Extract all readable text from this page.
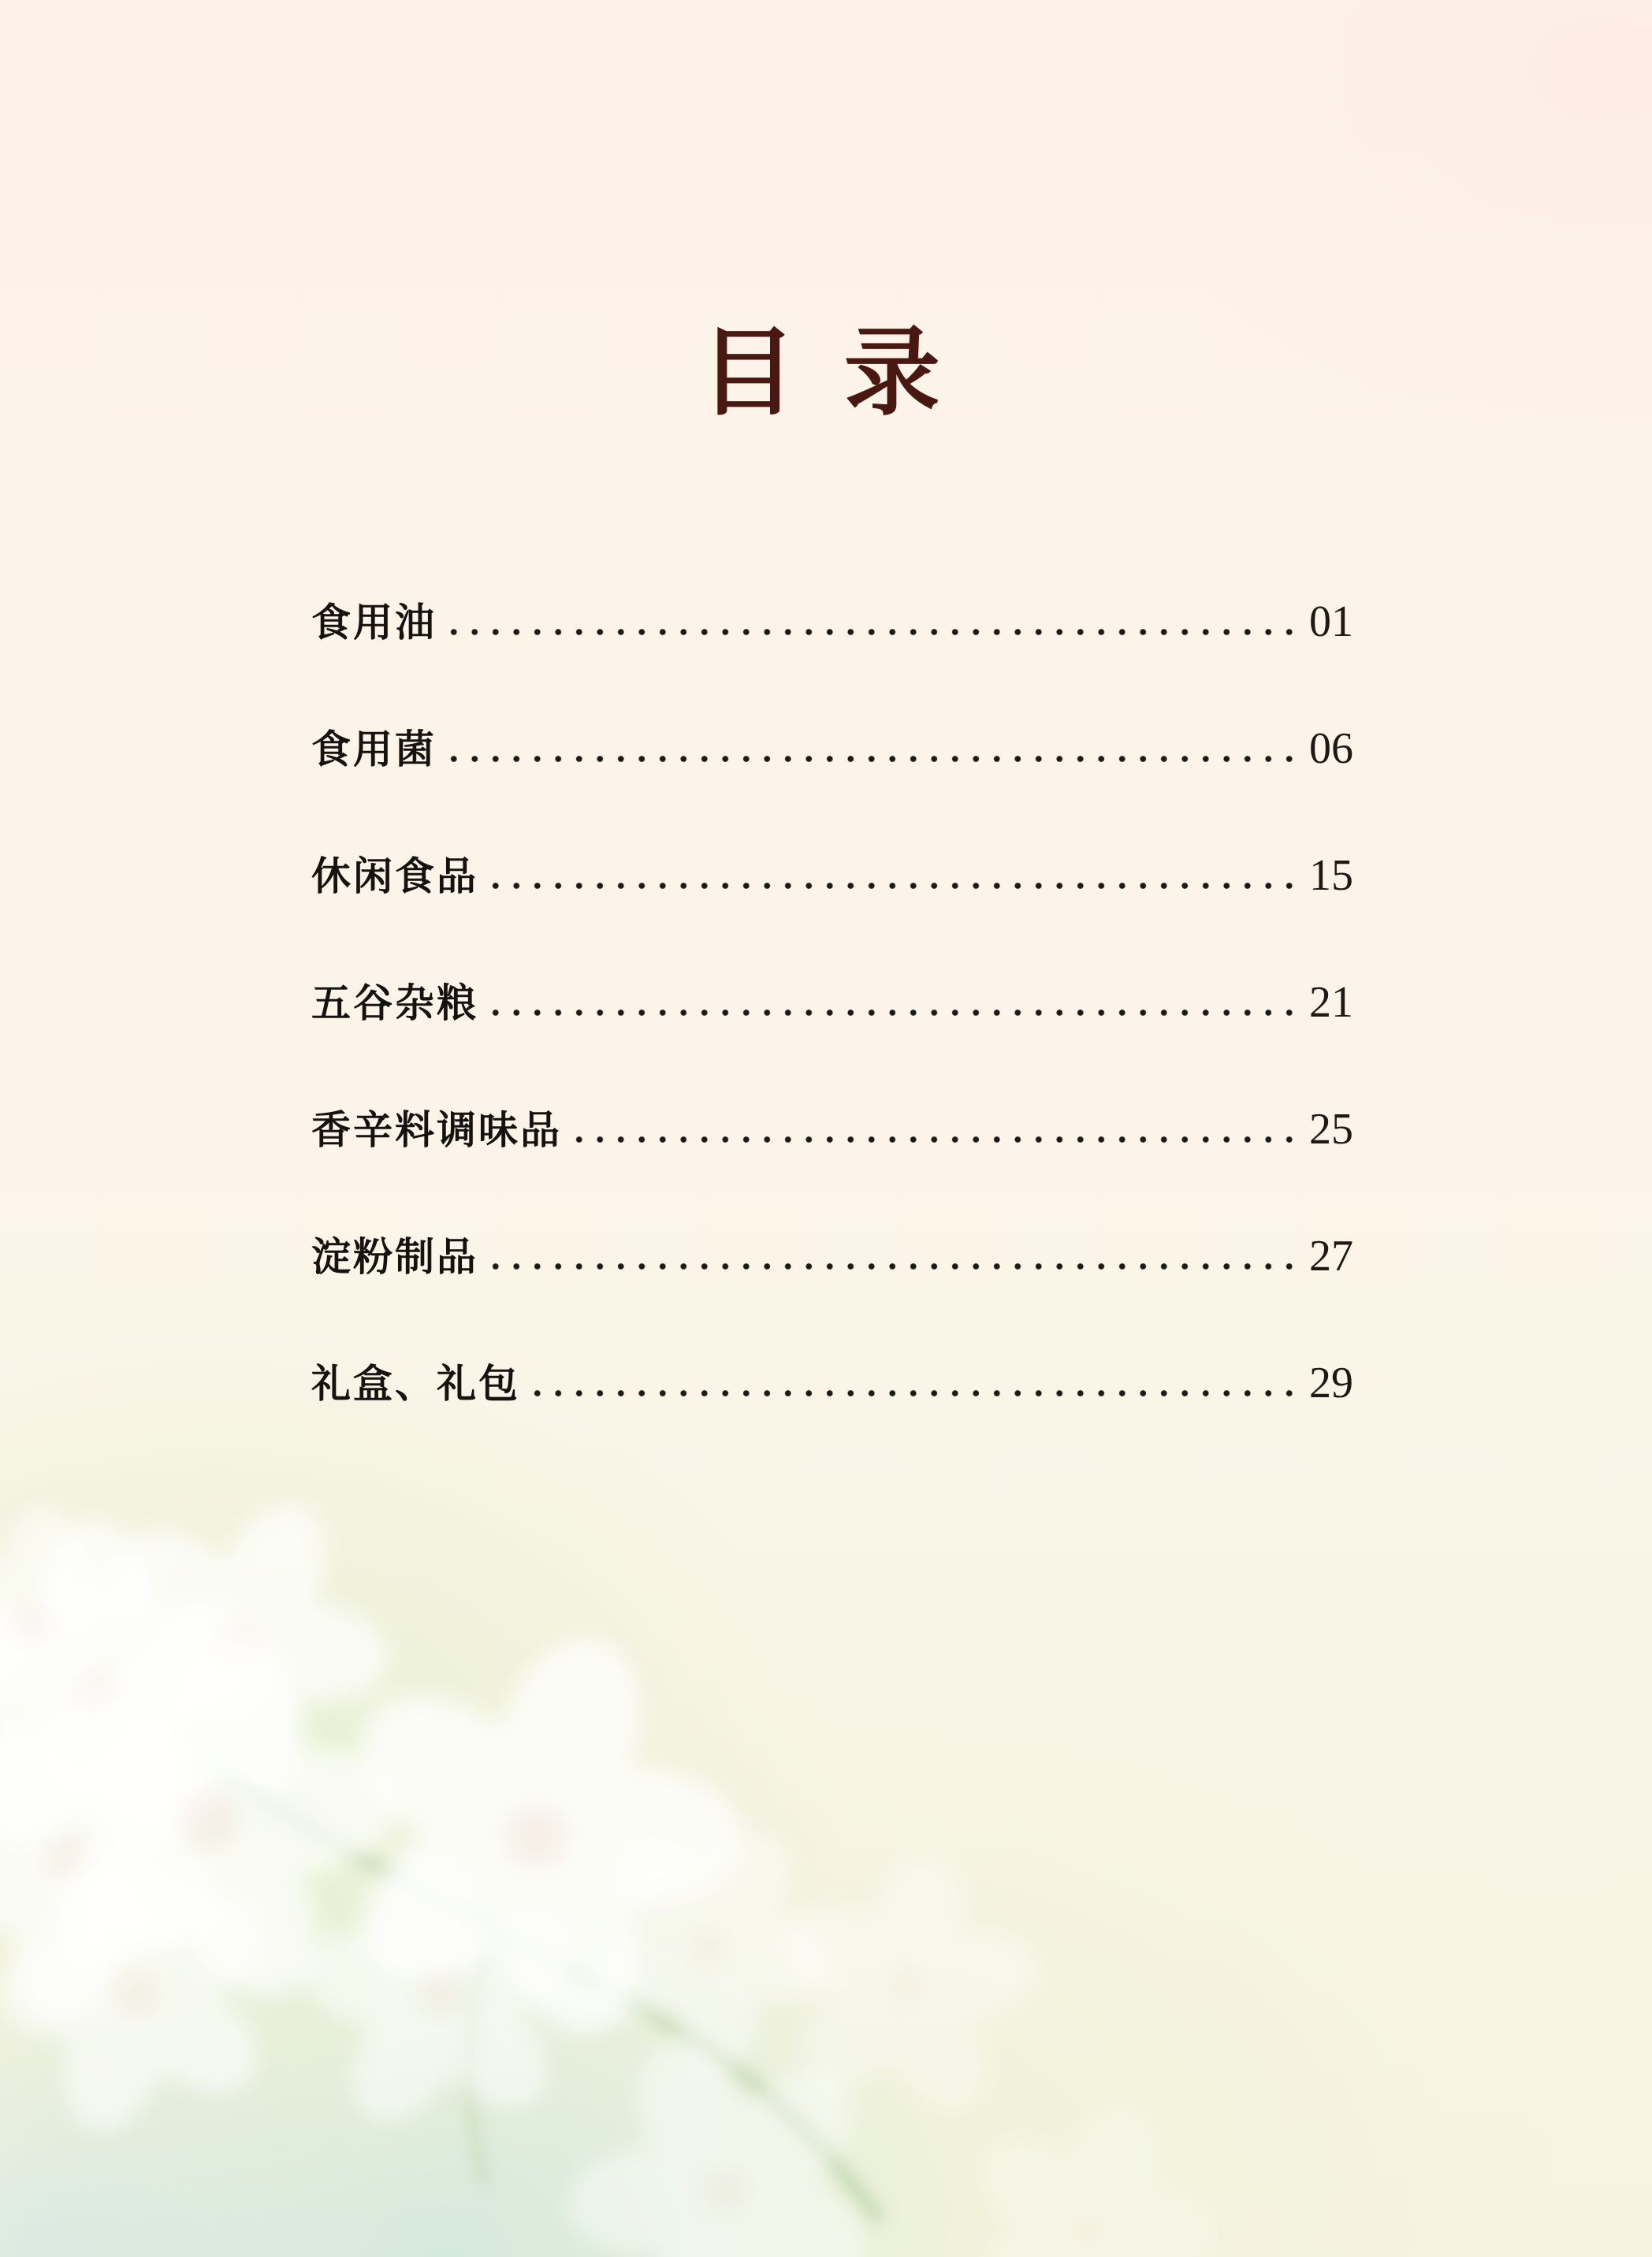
目 录
食用油	01
食用菌	06
休闲食品	15
五谷杂粮	21
香辛料调味品	25
淀粉制品	27
礼盒、礼包	29
